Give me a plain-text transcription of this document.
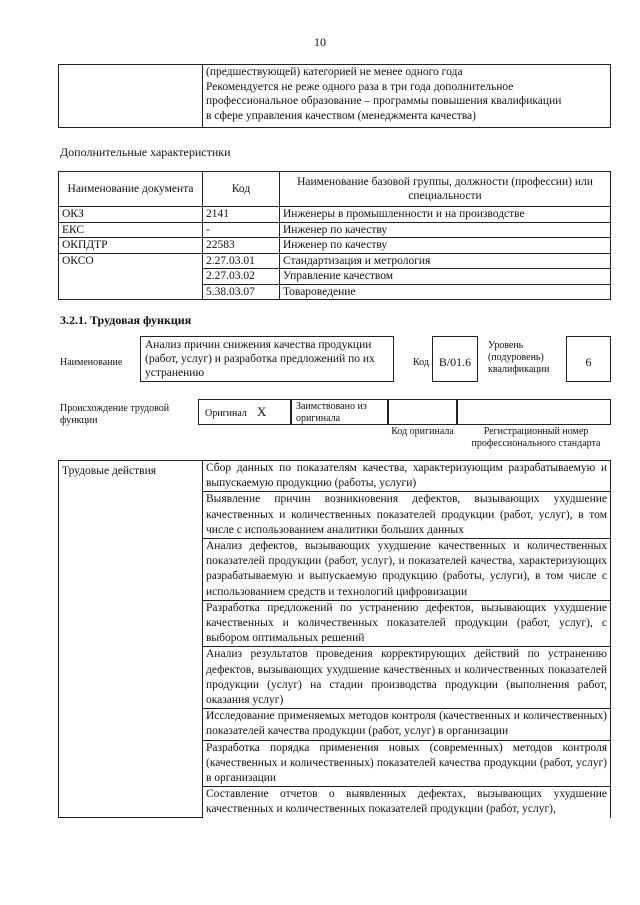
10

(предшествующей) категорией не менее одного года
Рекомендуется не реже одного раза в три года дополнительное
профессиональное образование – программы повышения квалификации
в сфере управления качеством (менеджмента качества)
Дополнительные характеристики
Наименование документа	Код	Наименование базовой группы, должности (профессии) или специальности
ОКЗ	2141	Инженеры в промышленности и на производстве
ЕКС	-	Инженер по качеству
ОКПДТР	22583	Инженер по качеству
ОКСО	2.27.03.01	Стандартизация и метрология
	2.27.03.02	Управление качеством
	5.38.03.07	Товароведение
3.2.1. Трудовая функция
Наименование
Анализ причин снижения качества продукции (работ, услуг) и разработка предложений по их устранению
Код B/01.6
Уровень (подуровень) квалификации
6
Происхождение трудовой функции
Оригинал X	Заимствовано из оригинала
Код оригинала	Регистрационный номер профессионального стандарта
Трудовые действия	Сбор данных по показателям качества, характеризующим разрабатываемую и выпускаемую продукцию (работы, услуги)
Выявление причин возникновения дефектов, вызывающих ухудшение качественных и количественных показателей продукции (работ, услуг), в том числе с использованием аналитики больших данных
Анализ дефектов, вызывающих ухудшение качественных и количественных показателей продукции (работ, услуг), и показателей качества, характеризующих разрабатываемую и выпускаемую продукцию (работы, услуги), в том числе с использованием средств и технологий цифровизации
Разработка предложений по устранению дефектов, вызывающих ухудшение качественных и количественных показателей продукции (работ, услуг), с выбором оптимальных решений
Анализ результатов проведения корректирующих действий по устранению дефектов, вызывающих ухудшение качественных и количественных показателей продукции (услуг) на стадии производства продукции (выполнения работ, оказания услуг)
Исследование применяемых методов контроля (качественных и количественных) показателей качества продукции (работ, услуг) в организации
Разработка порядка применения новых (современных) методов контроля (качественных и количественных) показателей качества продукции (работ, услуг) в организации
Составление отчетов о выявленных дефектах, вызывающих ухудшение качественных и количественных показателей продукции (работ, услуг),
